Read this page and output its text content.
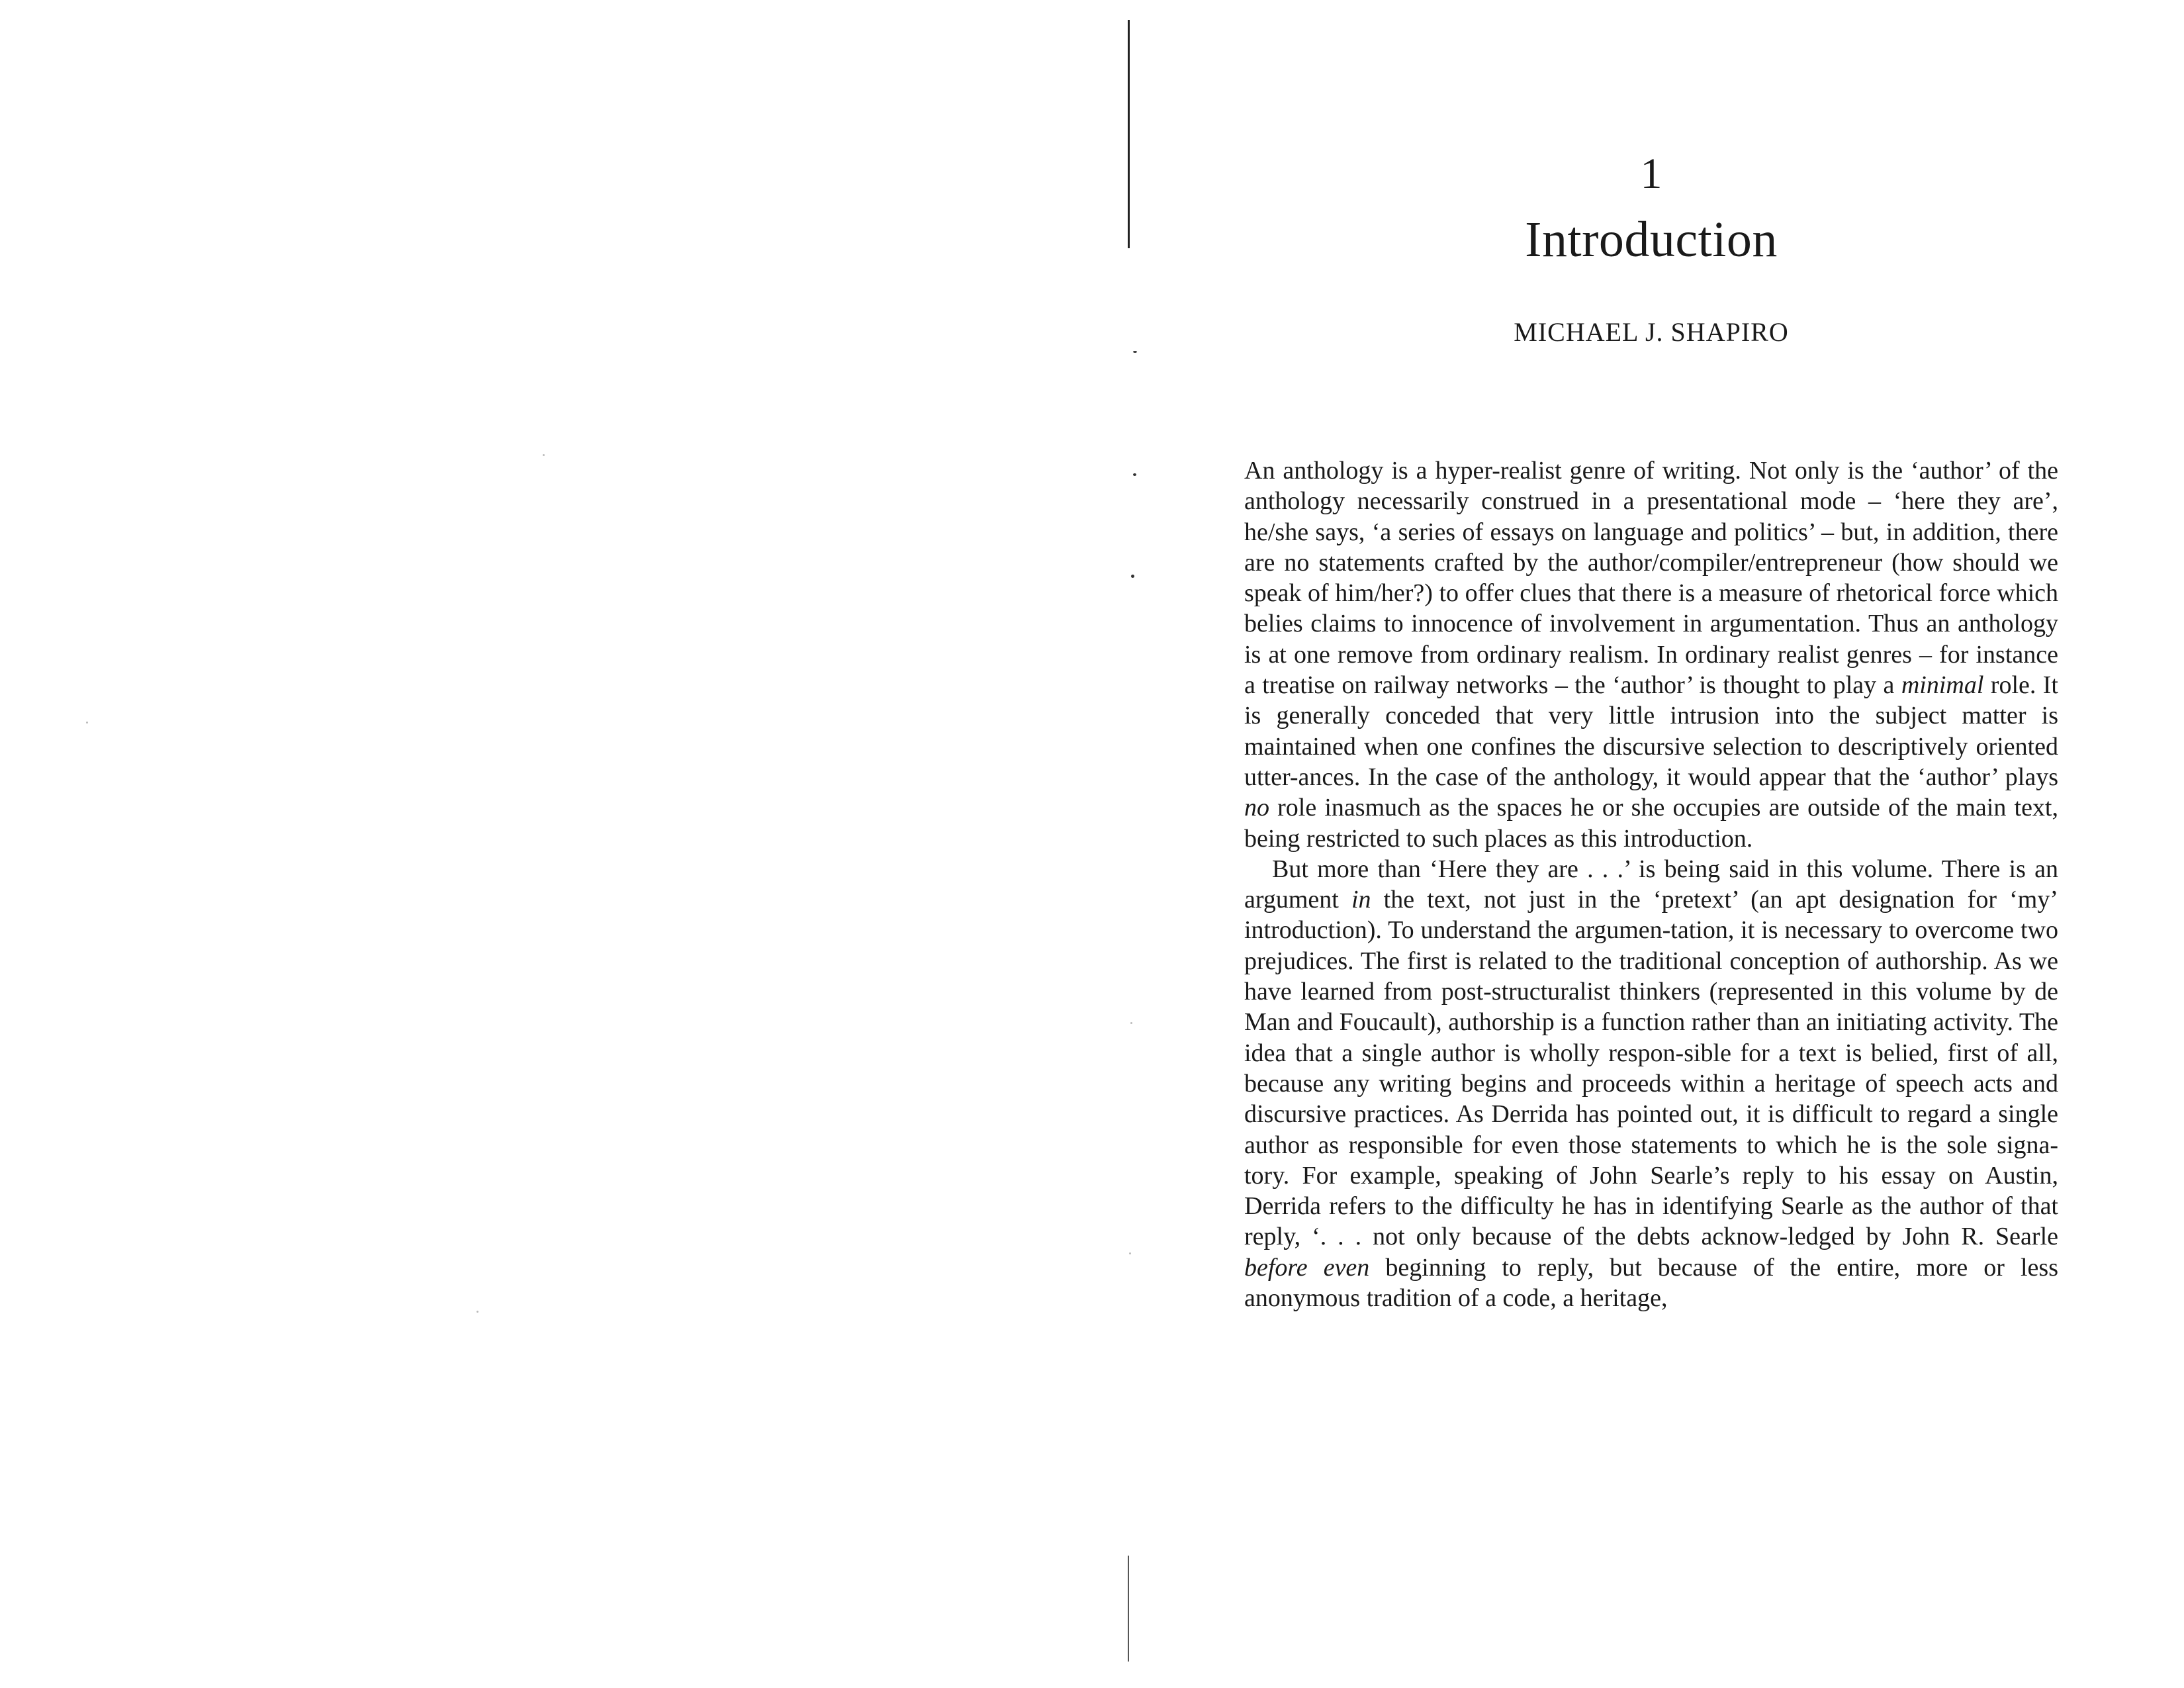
1
Introduction
MICHAEL J. SHAPIRO

An anthology is a hyper-realist genre of writing. Not only is the ‘author’ of the anthology necessarily construed in a presentational mode – ‘here they are’, he/she says, ‘a series of essays on language and politics’ – but, in addition, there are no statements crafted by the author/compiler/entrepreneur (how should we speak of him/her?) to offer clues that there is a measure of rhetorical force which belies claims to innocence of involvement in argumentation. Thus an anthology is at one remove from ordinary realism. In ordinary realist genres – for instance a treatise on railway networks – the ‘author’ is thought to play a minimal role. It is generally conceded that very little intrusion into the subject matter is maintained when one confines the discursive selection to descriptively oriented utter-ances. In the case of the anthology, it would appear that the ‘author’ plays no role inasmuch as the spaces he or she occupies are outside of the main text, being restricted to such places as this introduction.

But more than ‘Here they are . . .’ is being said in this volume. There is an argument in the text, not just in the ‘pretext’ (an apt designation for ‘my’ introduction). To understand the argumen-tation, it is necessary to overcome two prejudices. The first is related to the traditional conception of authorship. As we have learned from post-structuralist thinkers (represented in this volume by de Man and Foucault), authorship is a function rather than an initiating activity. The idea that a single author is wholly respon-sible for a text is belied, first of all, because any writing begins and proceeds within a heritage of speech acts and discursive practices. As Derrida has pointed out, it is difficult to regard a single author as responsible for even those statements to which he is the sole signa-tory. For example, speaking of John Searle’s reply to his essay on Austin, Derrida refers to the difficulty he has in identifying Searle as the author of that reply, ‘. . . not only because of the debts acknow-ledged by John R. Searle before even beginning to reply, but because of the entire, more or less anonymous tradition of a code, a heritage,
